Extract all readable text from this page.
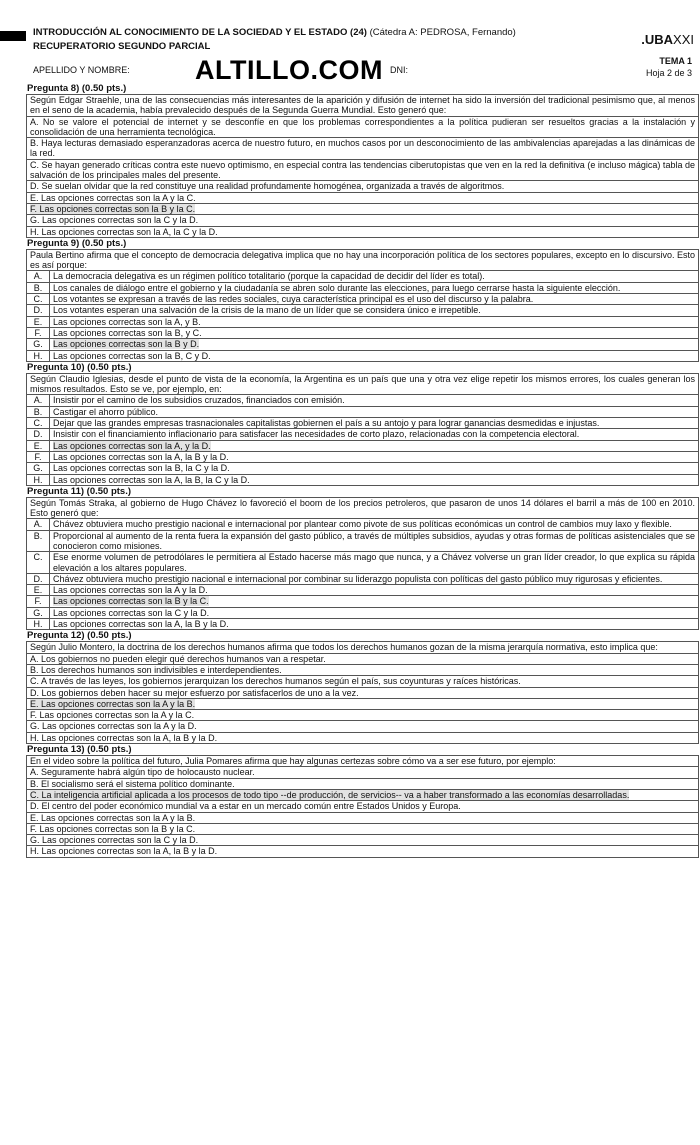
INTRODUCCIÓN AL CONOCIMIENTO DE LA SOCIEDAD Y EL ESTADO (24) (Cátedra A: PEDROSA, Fernando)
RECUPERATORIO SEGUNDO PARCIAL
APELLIDO Y NOMBRE: ALTILLO.COM DNI:
.UBAXXI
TEMA 1
Hoja 2 de 3
Pregunta 8) (0.50 pts.)
Según Edgar Straehle, una de las consecuencias más interesantes de la aparición y difusión de internet ha sido la inversión del tradicional pesimismo que, al menos en el seno de la academia, había prevalecido después de la Segunda Guerra Mundial. Esto generó que:
A. No se valore el potencial de internet y se desconfíe en que los problemas correspondientes a la política pudieran ser resueltos gracias a la instalación y consolidación de una herramienta tecnológica.
B. Haya lecturas demasiado esperanzadoras acerca de nuestro futuro, en muchos casos por un desconocimiento de las ambivalencias aparejadas a las dinámicas de la red.
C. Se hayan generado críticas contra este nuevo optimismo, en especial contra las tendencias ciberutopistas que ven en la red la definitiva (e incluso mágica) tabla de salvación de los principales males del presente.
D. Se suelan olvidar que la red constituye una realidad profundamente homogénea, organizada a través de algoritmos.
E. Las opciones correctas son la A y la C.
F. Las opciones correctas son la B y la C.
G. Las opciones correctas son la C y la D.
H. Las opciones correctas son la A, la C y la D.
Pregunta 9) (0.50 pts.)
Paula Bertino afirma que el concepto de democracia delegativa implica que no hay una incorporación política de los sectores populares, excepto en lo discursivo. Esto es así porque:	
A.	La democracia delegativa es un régimen político totalitario (porque la capacidad de decidir del líder es total).
B.	Los canales de diálogo entre el gobierno y la ciudadanía se abren solo durante las elecciones, para luego cerrarse hasta la siguiente elección.
C.	Los votantes se expresan a través de las redes sociales, cuya característica principal es el uso del discurso y la palabra.
D.	Los votantes esperan una salvación de la crisis de la mano de un líder que se considera único e irrepetible.
E.	Las opciones correctas son la A, y B.
F.	Las opciones correctas son la B, y C.
G.	Las opciones correctas son la B y D.
H.	Las opciones correctas son la B, C y D.
Pregunta 10) (0.50 pts.)
Según Claudio Iglesias, desde el punto de vista de la economía, la Argentina es un país que una y otra vez elige repetir los mismos errores, los cuales generan los mismos resultados. Esto se ve, por ejemplo, en:	
A.	Insistir por el camino de los subsidios cruzados, financiados con emisión.
B.	Castigar el ahorro público.
C.	Dejar que las grandes empresas trasnacionales capitalistas gobiernen el país a su antojo y para lograr ganancias desmedidas e injustas.
D.	Insistir con el financiamiento inflacionario para satisfacer las necesidades de corto plazo, relacionadas con la competencia electoral.
E.	Las opciones correctas son la A, y la D.
F.	Las opciones correctas son la A, la B y la D.
G.	Las opciones correctas son la B, la C y la D.
H.	Las opciones correctas son la A, la B, la C y la D.
Pregunta 11) (0.50 pts.)
Según Tomás Straka, al gobierno de Hugo Chávez lo favoreció el boom de los precios petroleros, que pasaron de unos 14 dólares el barril a más de 100 en 2010. Esto generó que:	
A.	Chávez obtuviera mucho prestigio nacional e internacional por plantear como pivote de sus políticas económicas un control de cambios muy laxo y flexible.
B.	Proporcional al aumento de la renta fuera la expansión del gasto público, a través de múltiples subsidios, ayudas y otras formas de políticas asistenciales que se conocieron como misiones.
C.	Ese enorme volumen de petrodólares le permitiera al Estado hacerse más mago que nunca, y a Chávez volverse un gran líder creador, lo que explica su rápida elevación a los altares populares.
D.	Chávez obtuviera mucho prestigio nacional e internacional por combinar su liderazgo populista con políticas del gasto público muy rigurosas y eficientes.
E.	Las opciones correctas son la A y la D.
F.	Las opciones correctas son la B y la C.
G.	Las opciones correctas son la C y la D.
H.	Las opciones correctas son la A, la B y la D.
Pregunta 12) (0.50 pts.)
Según Julio Montero, la doctrina de los derechos humanos afirma que todos los derechos humanos gozan de la misma jerarquía normativa, esto implica que:
A. Los gobiernos no pueden elegir qué derechos humanos van a respetar.
B. Los derechos humanos son indivisibles e interdependientes.
C. A través de las leyes, los gobiernos jerarquizan los derechos humanos según el país, sus coyunturas y raíces históricas.
D. Los gobiernos deben hacer su mejor esfuerzo por satisfacerlos de uno a la vez.
E. Las opciones correctas son la A y la B.
F. Las opciones correctas son la A y la C.
G. Las opciones correctas son la A y la D.
H. Las opciones correctas son la A, la B y la D.
Pregunta 13) (0.50 pts.)
En el video sobre la política del futuro, Julia Pomares afirma que hay algunas certezas sobre cómo va a ser ese futuro, por ejemplo:
A. Seguramente habrá algún tipo de holocausto nuclear.
B. El socialismo será el sistema político dominante.
C. La inteligencia artificial aplicada a los procesos de todo tipo --de producción, de servicios-- va a haber transformado a las economías desarrolladas.
D. El centro del poder económico mundial va a estar en un mercado común entre Estados Unidos y Europa.
E. Las opciones correctas son la A y la B.
F. Las opciones correctas son la B y la C.
G. Las opciones correctas son la C y la D.
H. Las opciones correctas son la A, la B y la D.
